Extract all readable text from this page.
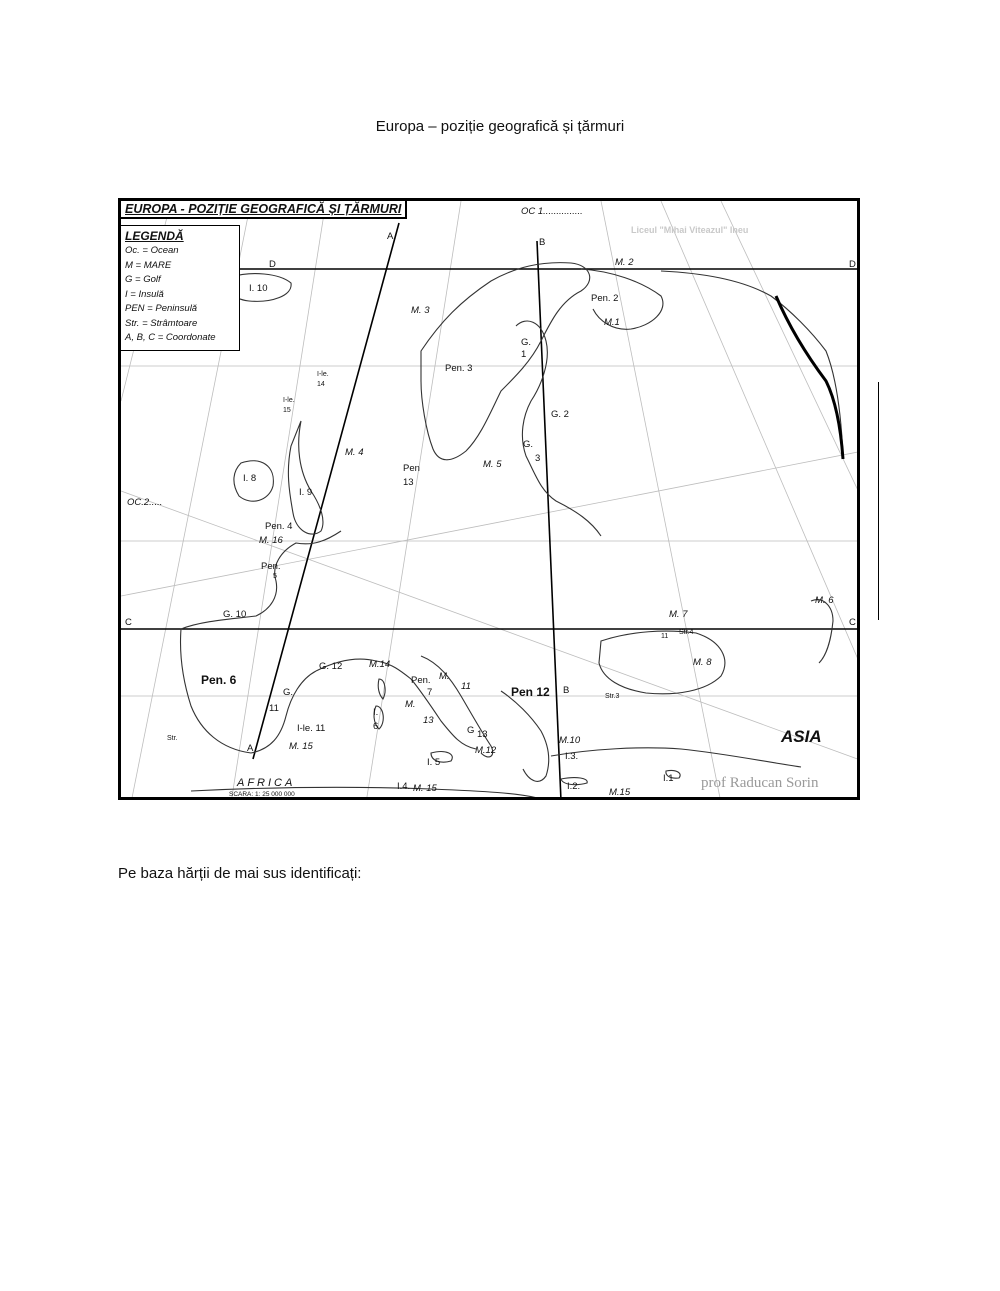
Europa – poziție geografică și țărmuri
EUROPA - POZIȚIE GEOGRAFICĂ ȘI ȚĂRMURI
LEGENDĂ
Oc. = Ocean
M = MARE
G = Golf
I = Insulă
PEN = Peninsulă
Str. = Strâmtoare
A, B, C = Coordonate
Liceul "Mihai Viteazul" Ineu
prof Raducan Sorin
A
A
B
B
C	C
D	D
OC 1...............
OC.2.....
M.1
M. 2
M. 3
M. 4
M. 5
M. 6
M. 7
M. 8
M.10
M.12
M.14
M. 15
M. 15	M.15
M. 16
M.
M.
Pen. 2
Pen. 3
Pen. 4
Pen.
5
Pen. 6	Pen.
7	Pen 12
Pen
13
G.
1
G. 2
G.
3
G. 10
G. 12
G 13
G.
11
I.1
I.2.
I.3.
I.4.
I. 5
I.
6
I. 8
I. 9
I. 10
I-le. 11
I-le.
14
I-le.
15
11
13
11
Str.
Str.3
Str.4
AFRICA
SCARA: 1: 25 000 000
ASIA
Pe baza hărții de mai sus identificați:
